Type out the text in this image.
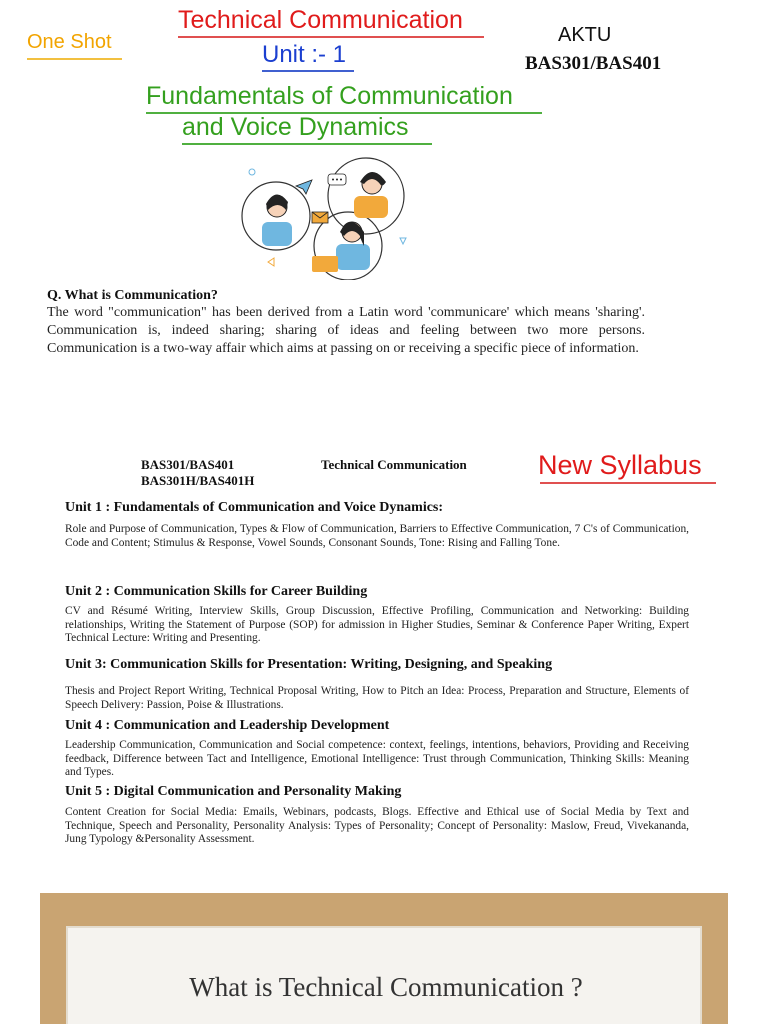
One Shot
Technical Communication
Unit :- 1
AKTU
BAS301/BAS401
Fundamentals of Communication
and Voice Dynamics
Q. What is Communication?
The word "communication" has been derived from a Latin word 'communicare' which means 'sharing'. Communication is, indeed sharing; sharing of ideas and feeling between two more persons. Communication is a two-way affair which aims at passing on or receiving a specific piece of information.
BAS301/BAS401
BAS301H/BAS401H
Technical Communication	New Syllabus
Unit 1 : Fundamentals of Communication and Voice Dynamics:
Role and Purpose of Communication, Types & Flow of Communication, Barriers to Effective Communication, 7 C's of Communication, Code and Content; Stimulus & Response, Vowel Sounds, Consonant Sounds, Tone: Rising and Falling Tone.
Unit 2 : Communication Skills for Career Building
CV and Résumé Writing, Interview Skills, Group Discussion, Effective Profiling, Communication and Networking: Building relationships, Writing the Statement of Purpose (SOP) for admission in Higher Studies, Seminar & Conference Paper Writing, Expert Technical Lecture: Writing and Presenting.
Unit 3: Communication Skills for Presentation: Writing, Designing, and Speaking
Thesis and Project Report Writing, Technical Proposal Writing, How to Pitch an Idea: Process, Preparation and Structure, Elements of Speech Delivery: Passion, Poise & Illustrations.
Unit 4 : Communication and Leadership Development
Leadership Communication, Communication and Social competence: context, feelings, intentions, behaviors, Providing and Receiving feedback, Difference between Tact and Intelligence, Emotional Intelligence: Trust through Communication, Thinking Skills: Meaning and Types.
Unit 5 : Digital Communication and Personality Making
Content Creation for Social Media: Emails, Webinars, podcasts, Blogs. Effective and Ethical use of Social Media by Text and Technique, Speech and Personality, Personality Analysis: Types of Personality; Concept of Personality: Maslow, Freud, Vivekananda, Jung Typology &Personality Assessment.
What is Technical Communication ?
